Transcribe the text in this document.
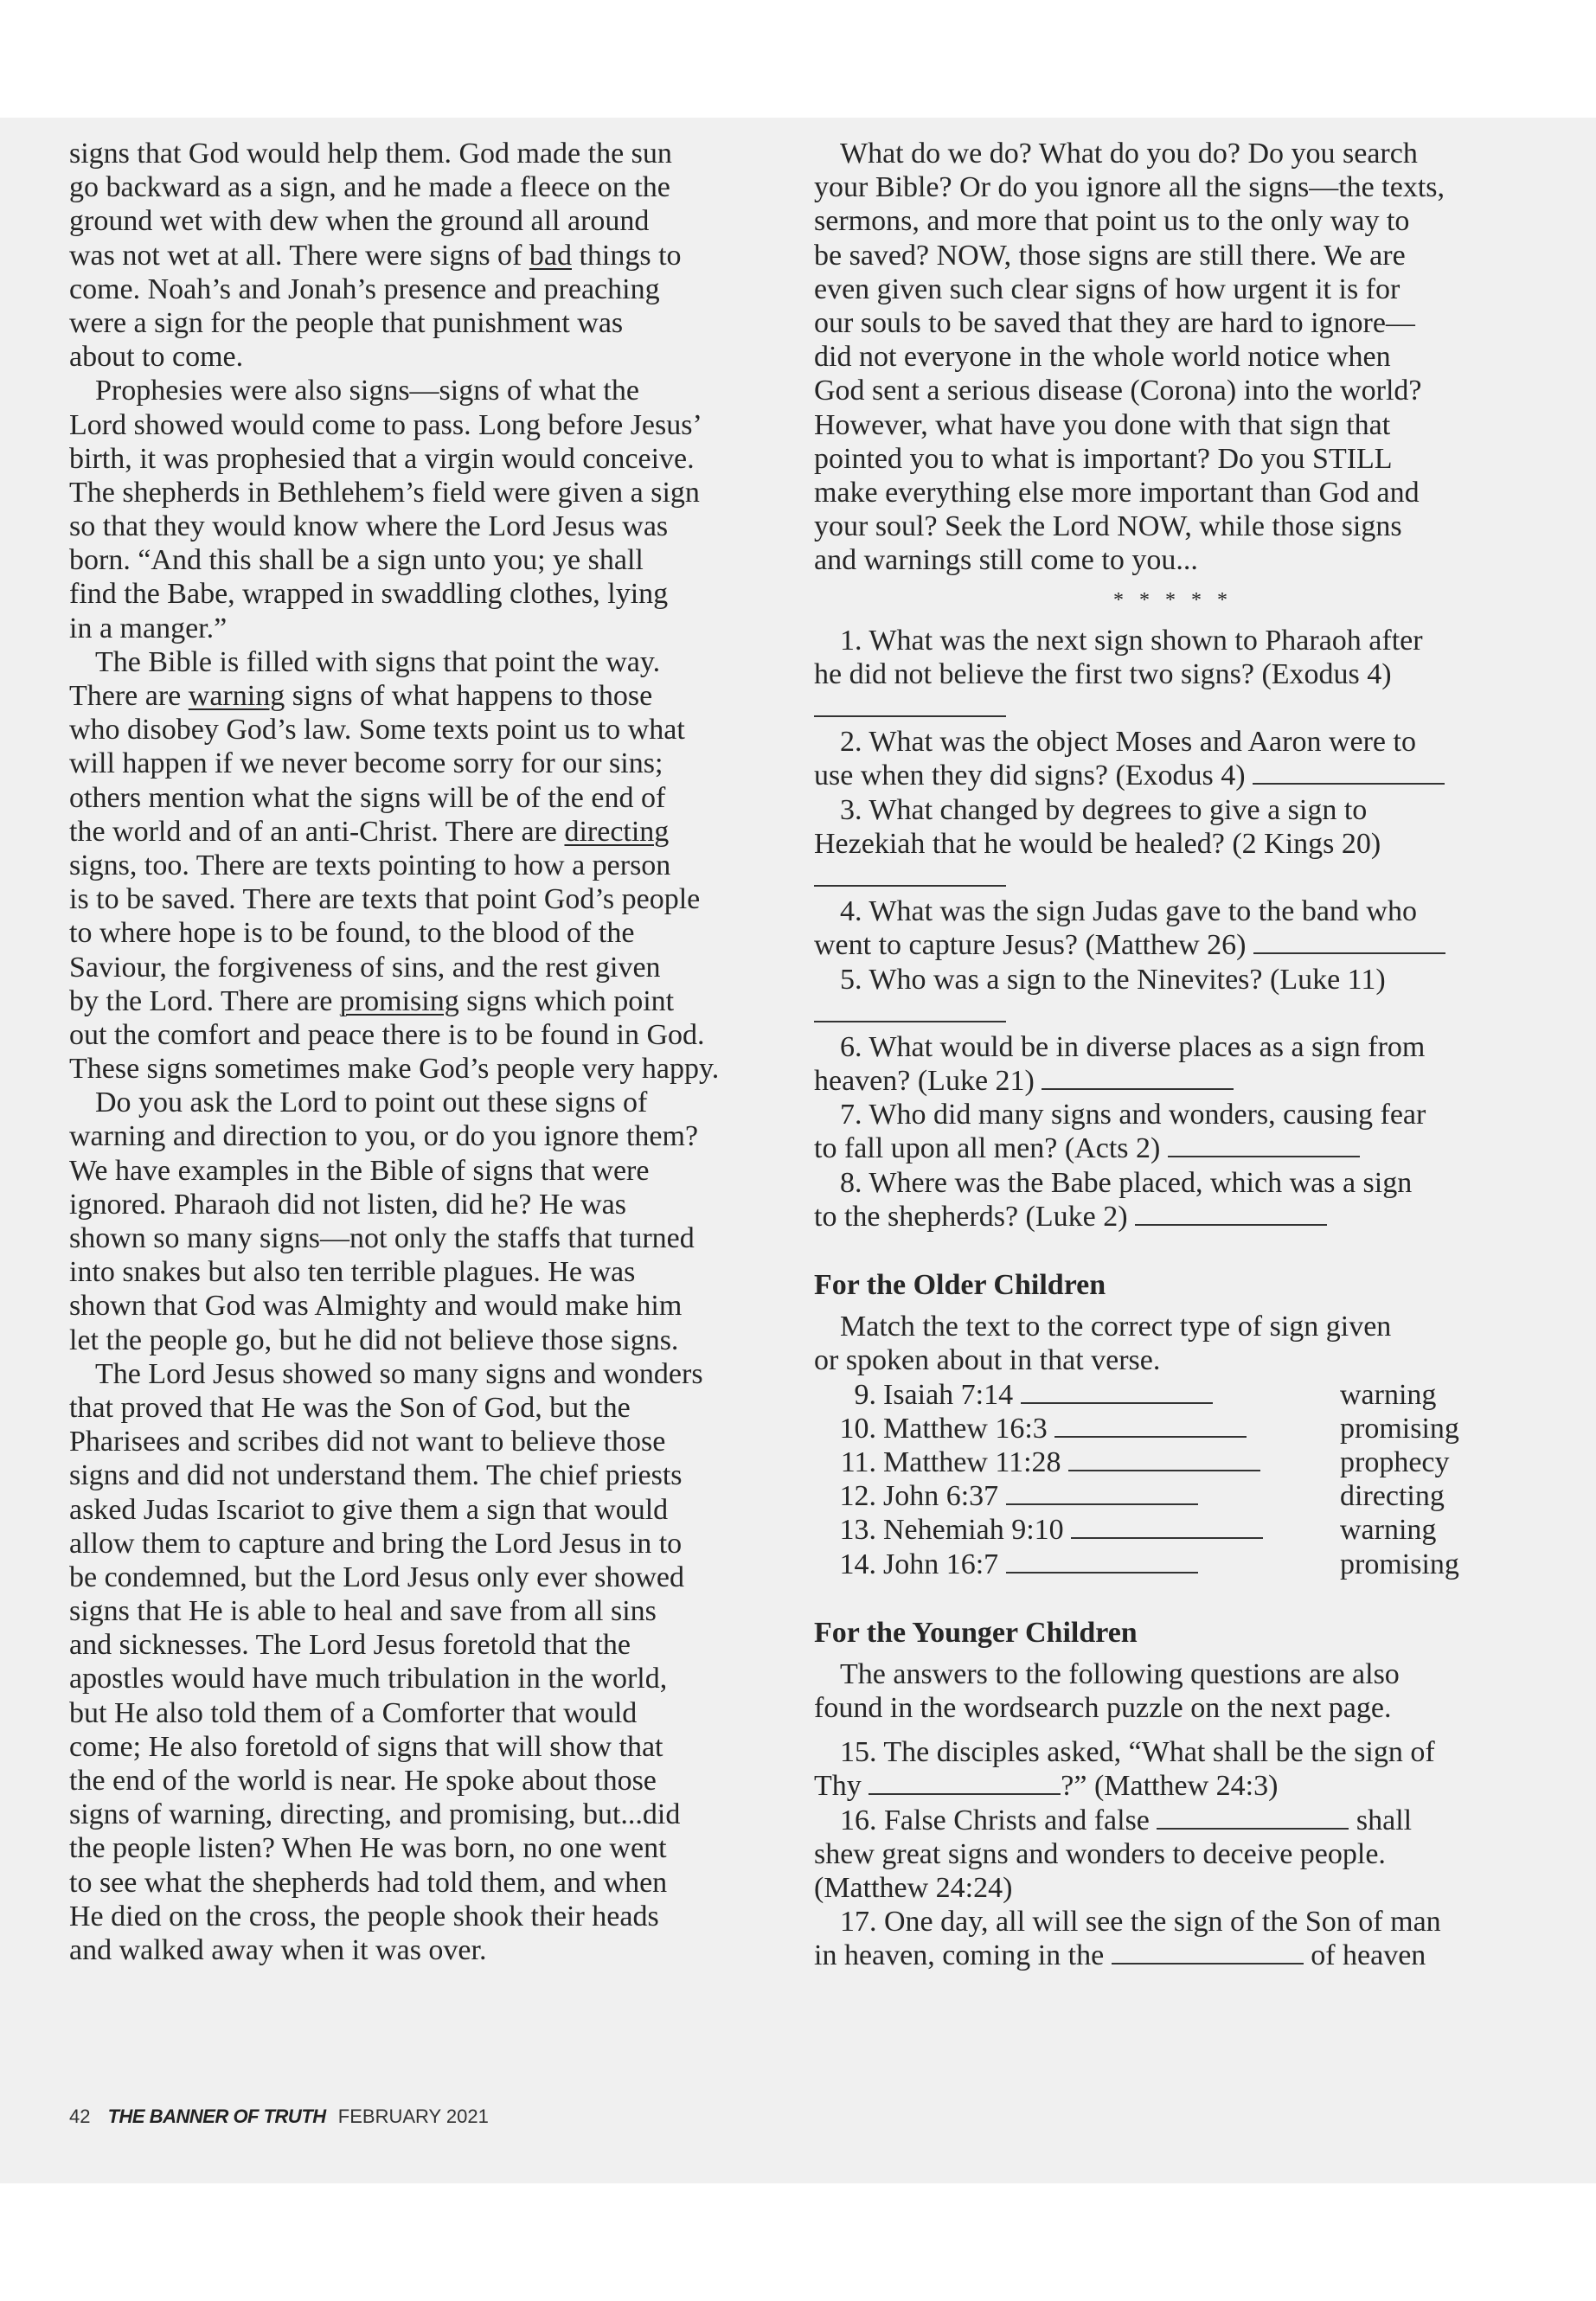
signs that God would help them. God made the sun
go backward as a sign, and he made a fleece on the
ground wet with dew when the ground all around
was not wet at all. There were signs of bad things to
come. Noah’s and Jonah’s presence and preaching
were a sign for the people that punishment was
about to come.
Prophesies were also signs—signs of what the
Lord showed would come to pass. Long before Jesus’
birth, it was prophesied that a virgin would conceive.
The shepherds in Bethlehem’s field were given a sign
so that they would know where the Lord Jesus was
born. “And this shall be a sign unto you; ye shall
find the Babe, wrapped in swaddling clothes, lying
in a manger.”
The Bible is filled with signs that point the way.
There are warning signs of what happens to those
who disobey God’s law. Some texts point us to what
will happen if we never become sorry for our sins;
others mention what the signs will be of the end of
the world and of an anti-Christ. There are directing
signs, too. There are texts pointing to how a person
is to be saved. There are texts that point God’s people
to where hope is to be found, to the blood of the
Saviour, the forgiveness of sins, and the rest given
by the Lord. There are promising signs which point
out the comfort and peace there is to be found in God.
These signs sometimes make God’s people very happy.
Do you ask the Lord to point out these signs of
warning and direction to you, or do you ignore them?
We have examples in the Bible of signs that were
ignored. Pharaoh did not listen, did he? He was
shown so many signs—not only the staffs that turned
into snakes but also ten terrible plagues. He was
shown that God was Almighty and would make him
let the people go, but he did not believe those signs.
The Lord Jesus showed so many signs and wonders
that proved that He was the Son of God, but the
Pharisees and scribes did not want to believe those
signs and did not understand them. The chief priests
asked Judas Iscariot to give them a sign that would
allow them to capture and bring the Lord Jesus in to
be condemned, but the Lord Jesus only ever showed
signs that He is able to heal and save from all sins
and sicknesses. The Lord Jesus foretold that the
apostles would have much tribulation in the world,
but He also told them of a Comforter that would
come; He also foretold of signs that will show that
the end of the world is near. He spoke about those
signs of warning, directing, and promising, but...did
the people listen? When He was born, no one went
to see what the shepherds had told them, and when
He died on the cross, the people shook their heads
and walked away when it was over.
What do we do? What do you do? Do you search
your Bible? Or do you ignore all the signs—the texts,
sermons, and more that point us to the only way to
be saved? NOW, those signs are still there. We are
even given such clear signs of how urgent it is for
our souls to be saved that they are hard to ignore—
did not everyone in the whole world notice when
God sent a serious disease (Corona) into the world?
However, what have you done with that sign that
pointed you to what is important? Do you STILL
make everything else more important than God and
your soul? Seek the Lord NOW, while those signs
and warnings still come to you...
* * * * *
1. What was the next sign shown to Pharaoh after
he did not believe the first two signs? (Exodus 4)
2. What was the object Moses and Aaron were to
use when they did signs? (Exodus 4)
3. What changed by degrees to give a sign to
Hezekiah that he would be healed? (2 Kings 20)
4. What was the sign Judas gave to the band who
went to capture Jesus? (Matthew 26)
5. Who was a sign to the Ninevites? (Luke 11)
6. What would be in diverse places as a sign from
heaven? (Luke 21)
7. Who did many signs and wonders, causing fear
to fall upon all men? (Acts 2)
8. Where was the Babe placed, which was a sign
to the shepherds? (Luke 2)
For the Older Children
Match the text to the correct type of sign given
or spoken about in that verse.
9. Isaiah 7:14	warning
10. Matthew 16:3	promising
11. Matthew 11:28	prophecy
12. John 6:37	directing
13. Nehemiah 9:10	warning
14. John 16:7	promising
For the Younger Children
The answers to the following questions are also
found in the wordsearch puzzle on the next page.
15. The disciples asked, “What shall be the sign of
Thy	?” (Matthew 24:3)
16. False Christs and false	shall
shew great signs and wonders to deceive people.
(Matthew 24:24)
17. One day, all will see the sign of the Son of man
in heaven, coming in the	of heaven
42 THE BANNER OF TRUTH FEBRUARY 2021
